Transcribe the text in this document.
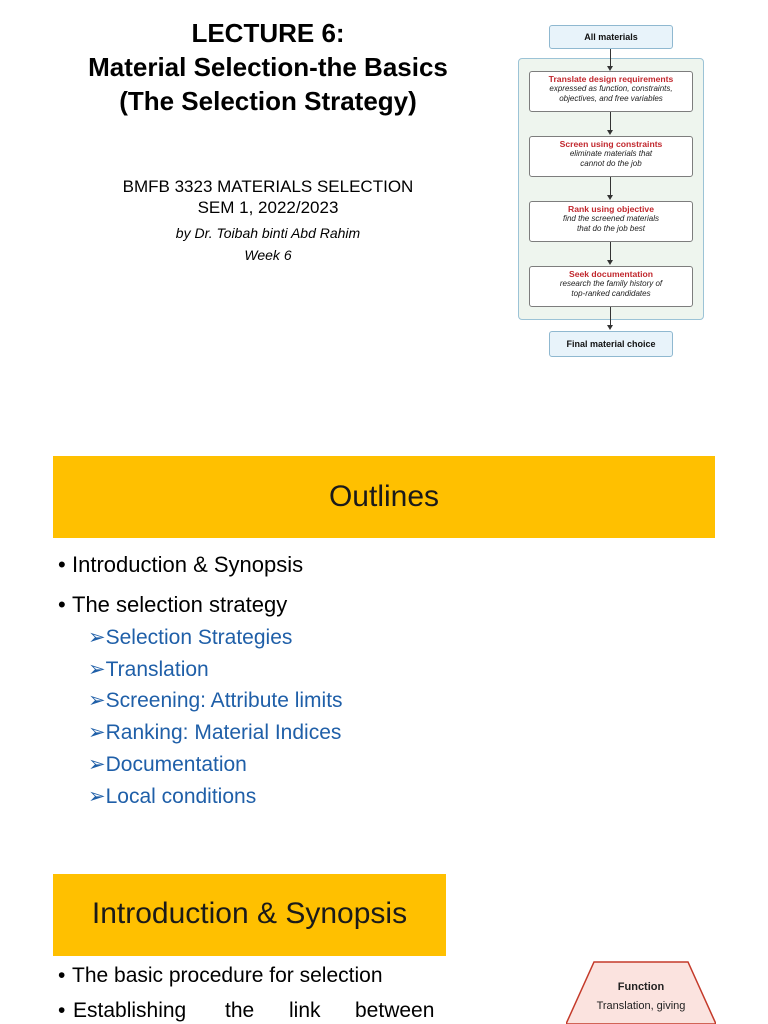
LECTURE 6:
Material Selection-the Basics
(The Selection Strategy)
BMFB 3323 MATERIALS SELECTION
SEM 1, 2022/2023
by Dr. Toibah binti Abd Rahim
Week 6
All materials
Translate design requirements
expressed as function, constraints,
objectives, and free variables
Screen using constraints
eliminate materials that
cannot do the job
Rank using objective
find the screened materials
that do the job best
Seek documentation
research the family history of
top-ranked candidates
Final material choice
Outlines
• Introduction & Synopsis
• The selection strategy
➢Selection Strategies
➢Translation
➢Screening: Attribute limits
➢Ranking: Material Indices
➢Documentation
➢Local conditions
Introduction & Synopsis
• The basic procedure for selection
• Establishing the link between
Function
Translation, giving
